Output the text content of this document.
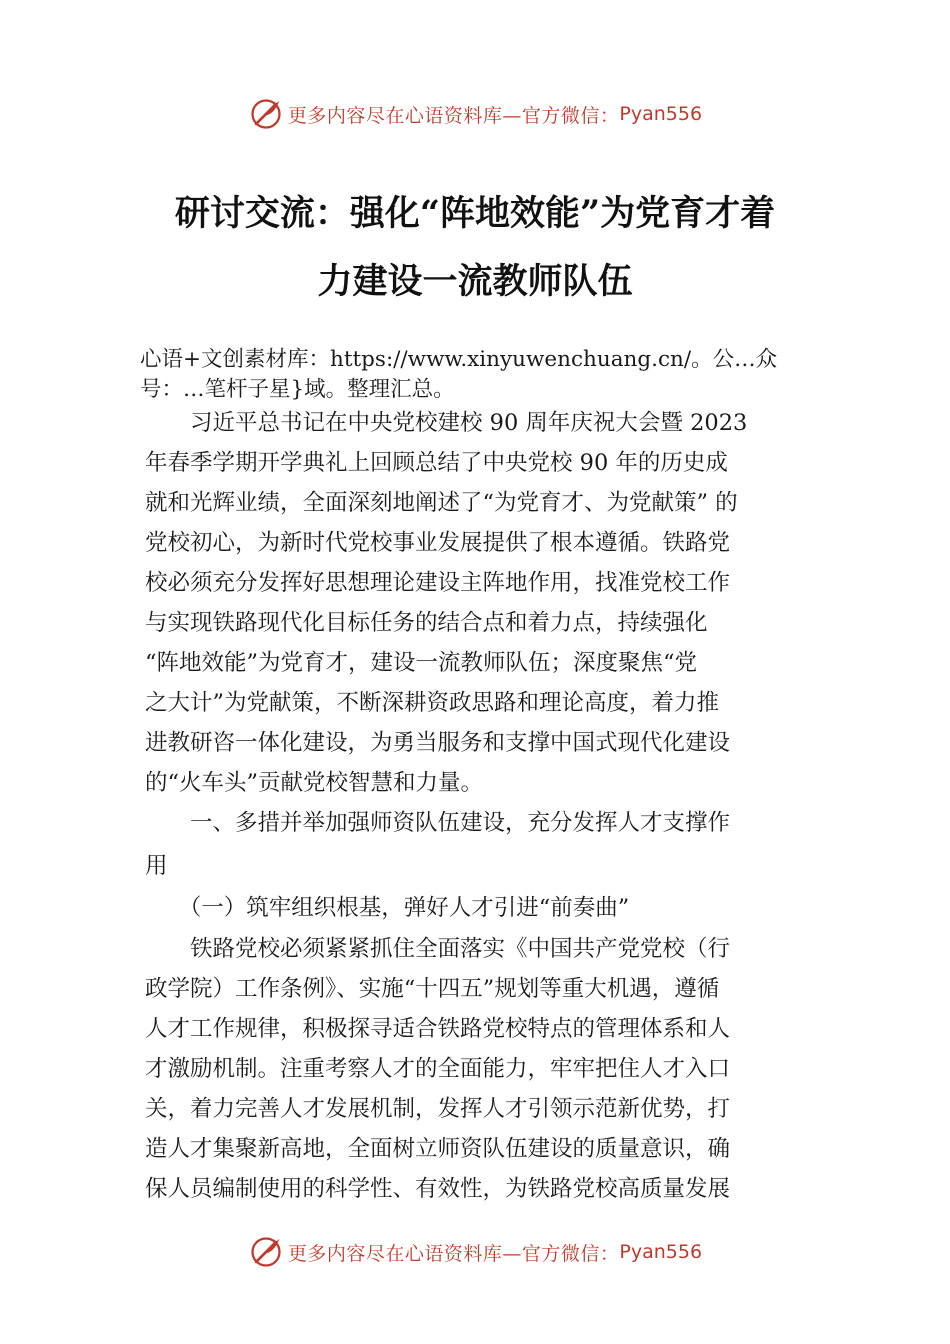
更多内容尽在心语资料库—官方微信： Pyan556
研讨交流：强化“阵地效能”为党育才着
力建设一流教师队伍
心语+文创素材库：https://www.xinyuwenchuang.cn/。公…众
号：…笔杆子星}域。整理汇总。
　　习近平总书记在中央党校建校 90 周年庆祝大会暨 2023
年春季学期开学典礼上回顾总结了中央党校 90 年的历史成
就和光辉业绩，全面深刻地阐述了“为党育才、为党献策” 的
党校初心，为新时代党校事业发展提供了根本遵循。铁路党
校必须充分发挥好思想理论建设主阵地作用，找准党校工作
与实现铁路现代化目标任务的结合点和着力点，持续强化
“阵地效能”为党育才，建设一流教师队伍；深度聚焦“党
之大计”为党献策，不断深耕资政思路和理论高度，着力推
进教研咨一体化建设，为勇当服务和支撑中国式现代化建设
的“火车头”贡献党校智慧和力量。
　　一、多措并举加强师资队伍建设，充分发挥人才支撑作
用
　　（一）筑牢组织根基，弹好人才引进“前奏曲”
　　铁路党校必须紧紧抓住全面落实《中国共产党党校（行
政学院）工作条例》、实施“十四五”规划等重大机遇，遵循
人才工作规律，积极探寻适合铁路党校特点的管理体系和人
才激励机制。注重考察人才的全面能力，牢牢把住人才入口
关，着力完善人才发展机制，发挥人才引领示范新优势，打
造人才集聚新高地，全面树立师资队伍建设的质量意识，确
保人员编制使用的科学性、有效性，为铁路党校高质量发展
更多内容尽在心语资料库—官方微信： Pyan556
